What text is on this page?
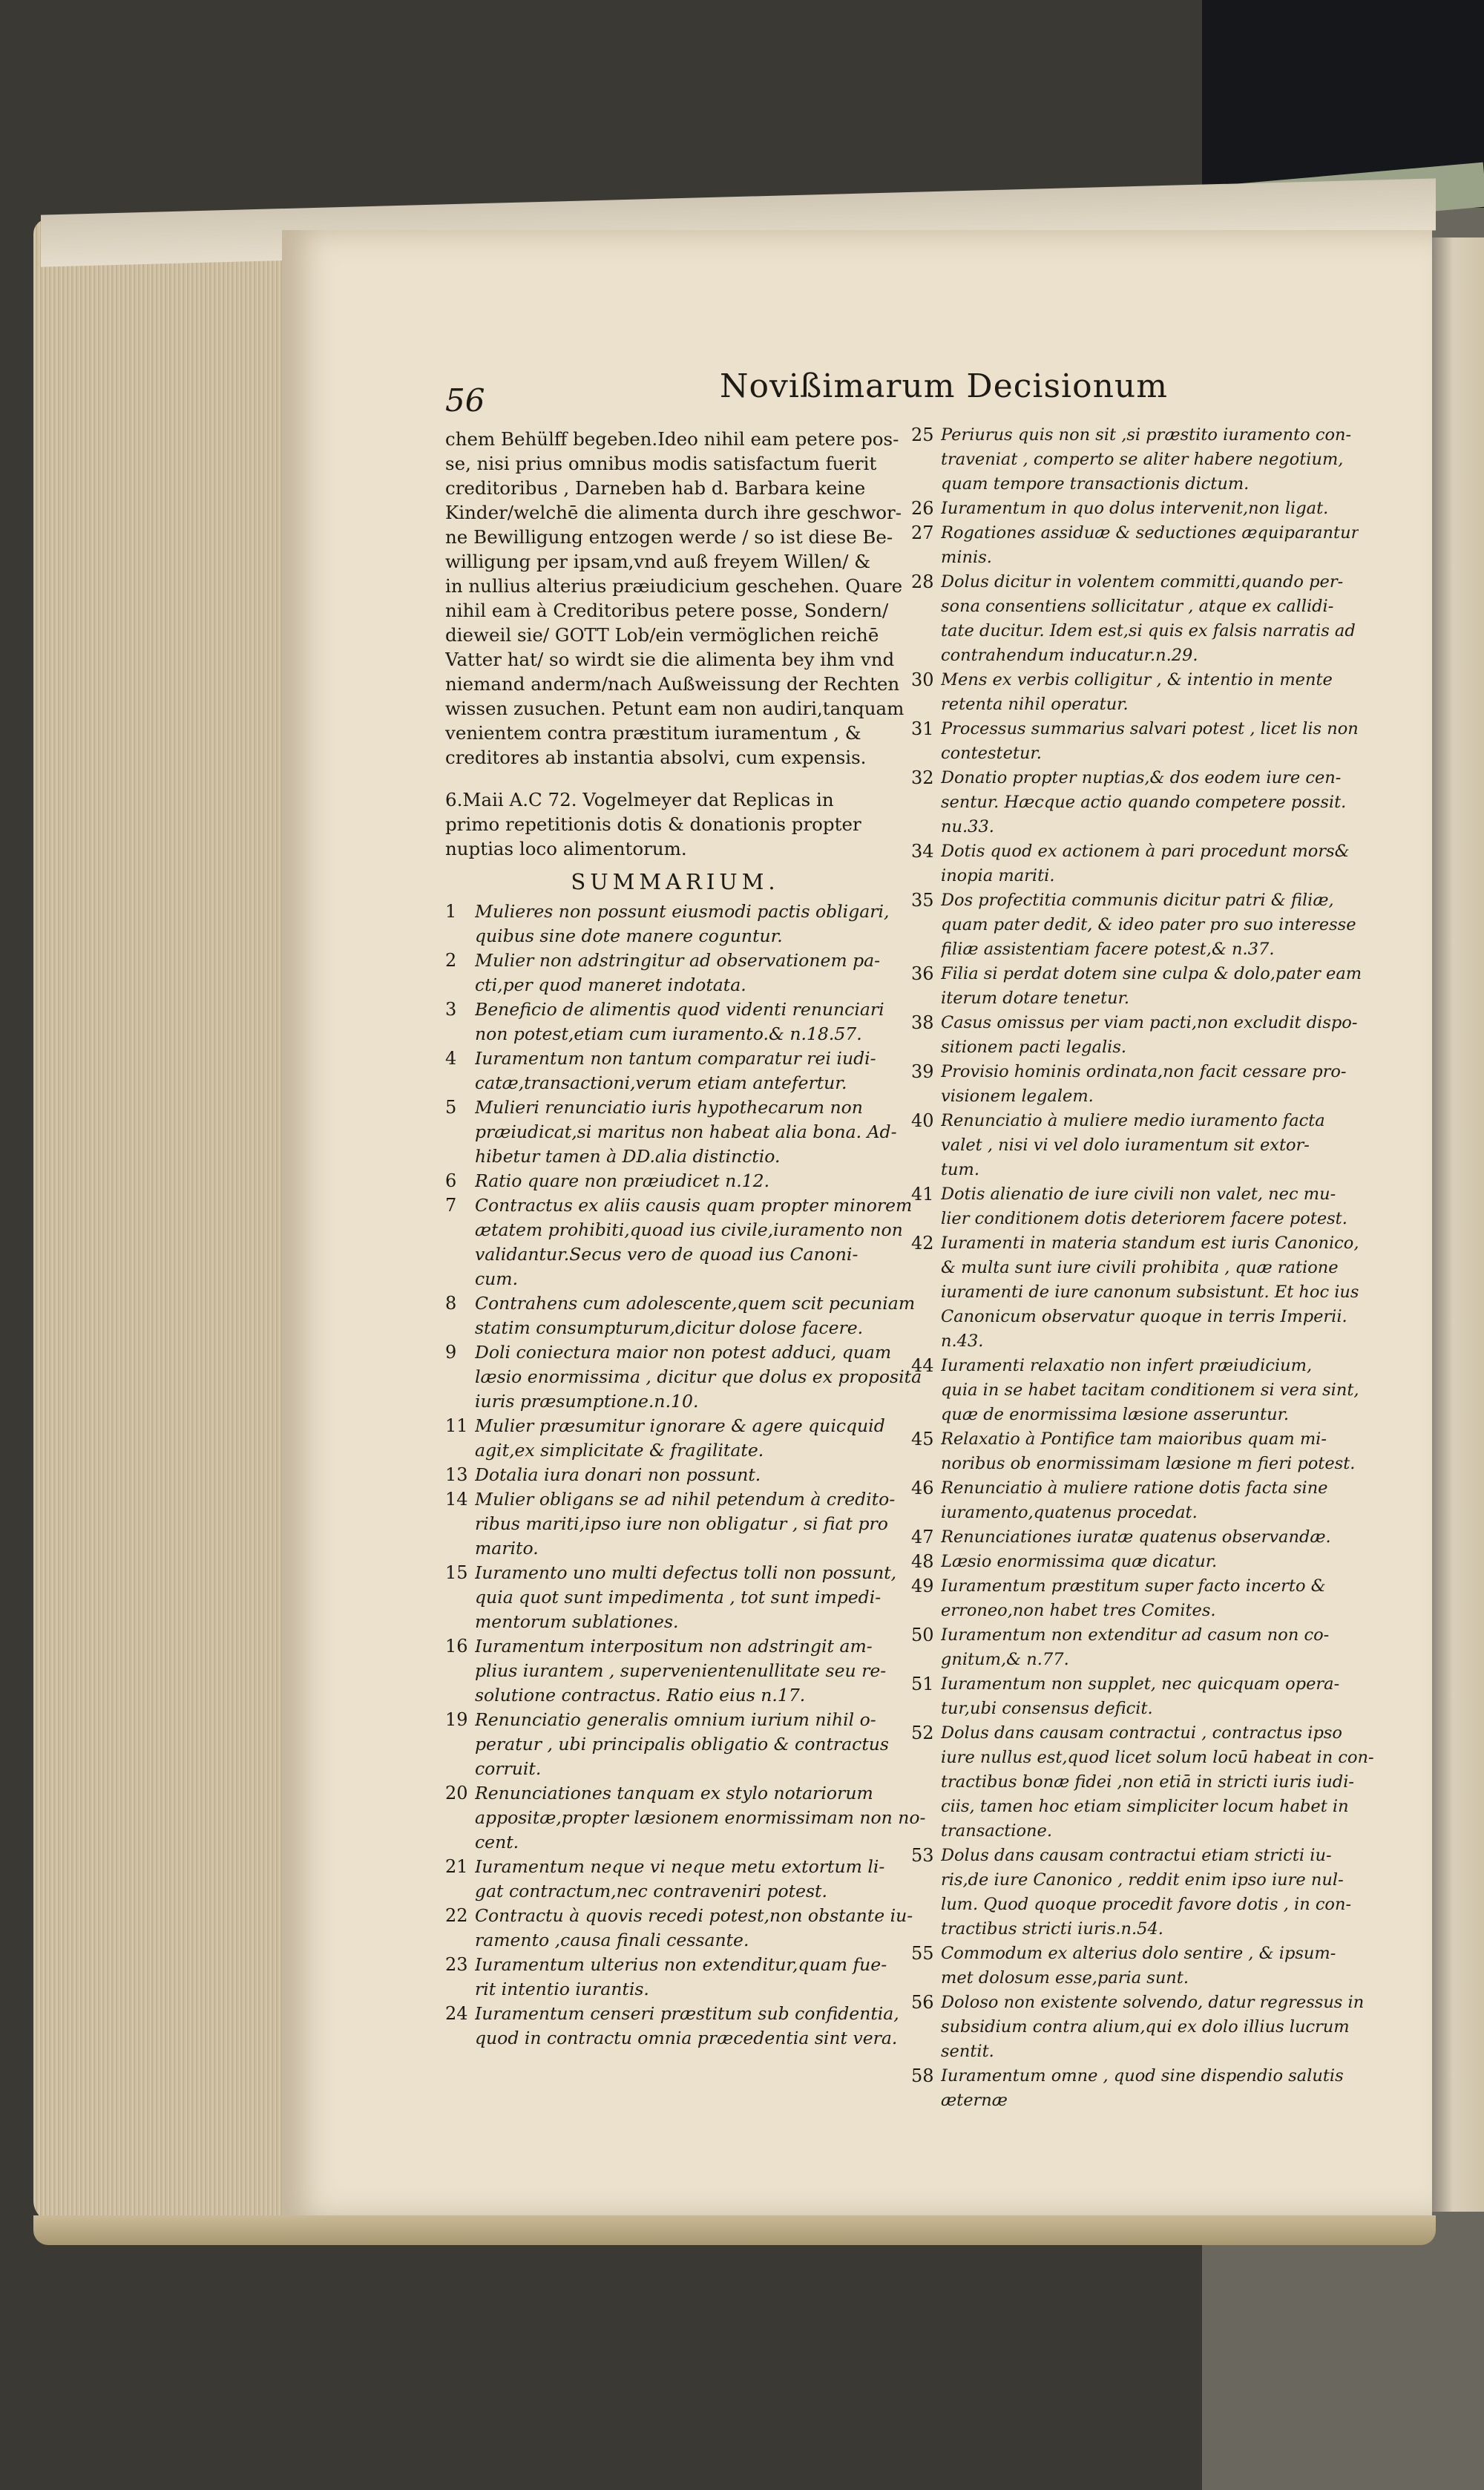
56	Novißimarum Decisionum
chem Behülff begeben.Ideo nihil eam petere pos-
se, nisi prius omnibus modis satisfactum fuerit
creditoribus , Darneben hab d. Barbara keine
Kinder/welchē die alimenta durch ihre geschwor-
ne Bewilligung entzogen werde / so ist diese Be-
willigung per ipsam,vnd auß freyem Willen/ &
in nullius alterius præiudicium geschehen. Quare
nihil eam à Creditoribus petere posse, Sondern/
dieweil sie/ GOTT Lob/ein vermöglichen reichē
Vatter hat/ so wirdt sie die alimenta bey ihm vnd
niemand anderm/nach Außweissung der Rechten
wissen zusuchen. Petunt eam non audiri,tanquam
venientem contra præstitum iuramentum , &
creditores ab instantia absolvi, cum expensis.
6.Maii A.C 72. Vogelmeyer dat Replicas in
primo repetitionis dotis & donationis propter
nuptias loco alimentorum.
SUMMARIUM.
1	Mulieres non possunt eiusmodi pactis obligari,
quibus sine dote manere coguntur.
2	Mulier non adstringitur ad observationem pa-
cti,per quod maneret indotata.
3	Beneficio de alimentis quod videnti renunciari
non potest,etiam cum iuramento.& n.18.57.
4	Iuramentum non tantum comparatur rei iudi-
catæ,transactioni,verum etiam antefertur.
5	Mulieri renunciatio iuris hypothecarum non
præiudicat,si maritus non habeat alia bona. Ad-
hibetur tamen à DD.alia distinctio.
6	Ratio quare non præiudicet n.12.
7	Contractus ex aliis causis quam propter minorem
ætatem prohibiti,quoad ius civile,iuramento non
validantur.Secus vero de quoad ius Canoni-
cum.
8	Contrahens cum adolescente,quem scit pecuniam
statim consumpturum,dicitur dolose facere.
9	Doli coniectura maior non potest adduci, quam
læsio enormissima , dicitur que dolus ex proposita
iuris præsumptione.n.10.
11 Mulier præsumitur ignorare & agere quicquid
agit,ex simplicitate & fragilitate.
13 Dotalia iura donari non possunt.
14 Mulier obligans se ad nihil petendum à credito-
ribus mariti,ipso iure non obligatur , si fiat pro
marito.
15 Iuramento uno multi defectus tolli non possunt,
quia quot sunt impedimenta , tot sunt impedi-
mentorum sublationes.
16 Iuramentum interpositum non adstringit am-
plius iurantem , supervenientenullitate seu re-
solutione contractus. Ratio eius n.17.
19 Renunciatio generalis omnium iurium nihil o-
peratur , ubi principalis obligatio & contractus
corruit.
20 Renunciationes tanquam ex stylo notariorum
appositæ,propter læsionem enormissimam non no-
cent.
21 Iuramentum neque vi neque metu extortum li-
gat contractum,nec contraveniri potest.
22 Contractu à quovis recedi potest,non obstante iu-
ramento ,causa finali cessante.
23 Iuramentum ulterius non extenditur,quam fue-
rit intentio iurantis.
24 Iuramentum censeri præstitum sub confidentia,
quod in contractu omnia præcedentia sint vera.
25 Periurus quis non sit ,si præstito iuramento con-
traveniat , comperto se aliter habere negotium,
quam tempore transactionis dictum.
26 Iuramentum in quo dolus intervenit,non ligat.
27 Rogationes assiduæ & seductiones æquiparantur
minis.
28 Dolus dicitur in volentem committi,quando per-
sona consentiens sollicitatur , atque ex callidi-
tate ducitur. Idem est,si quis ex falsis narratis ad
contrahendum inducatur.n.29.
30 Mens ex verbis colligitur , & intentio in mente
retenta nihil operatur.
31 Processus summarius salvari potest , licet lis non
contestetur.
32 Donatio propter nuptias,& dos eodem iure cen-
sentur. Hæcque actio quando competere possit.
nu.33.
34 Dotis quod ex actionem à pari procedunt mors&
inopia mariti.
35 Dos profectitia communis dicitur patri & filiæ,
quam pater dedit, & ideo pater pro suo interesse
filiæ assistentiam facere potest,& n.37.
36 Filia si perdat dotem sine culpa & dolo,pater eam
iterum dotare tenetur.
38 Casus omissus per viam pacti,non excludit dispo-
sitionem pacti legalis.
39 Provisio hominis ordinata,non facit cessare pro-
visionem legalem.
40 Renunciatio à muliere medio iuramento facta
valet , nisi vi vel dolo iuramentum sit extor-
tum.
41 Dotis alienatio de iure civili non valet, nec mu-
lier conditionem dotis deteriorem facere potest.
42 Iuramenti in materia standum est iuris Canonico,
& multa sunt iure civili prohibita , quæ ratione
iuramenti de iure canonum subsistunt. Et hoc ius
Canonicum observatur quoque in terris Imperii.
n.43.
44 Iuramenti relaxatio non infert præiudicium,
quia in se habet tacitam conditionem si vera sint,
quæ de enormissima læsione asseruntur.
45 Relaxatio à Pontifice tam maioribus quam mi-
noribus ob enormissimam læsione m fieri potest.
46 Renunciatio à muliere ratione dotis facta sine
iuramento,quatenus procedat.
47 Renunciationes iuratæ quatenus observandæ.
48 Læsio enormissima quæ dicatur.
49 Iuramentum præstitum super facto incerto &
erroneo,non habet tres Comites.
50 Iuramentum non extenditur ad casum non co-
gnitum,& n.77.
51 Iuramentum non supplet, nec quicquam opera-
tur,ubi consensus deficit.
52 Dolus dans causam contractui , contractus ipso
iure nullus est,quod licet solum locū habeat in con-
tractibus bonæ fidei ,non etiā in stricti iuris iudi-
ciis, tamen hoc etiam simpliciter locum habet in
transactione.
53 Dolus dans causam contractui etiam stricti iu-
ris,de iure Canonico , reddit enim ipso iure nul-
lum. Quod quoque procedit favore dotis , in con-
tractibus stricti iuris.n.54.
55 Commodum ex alterius dolo sentire , & ipsum-
met dolosum esse,paria sunt.
56 Doloso non existente solvendo, datur regressus in
subsidium contra alium,qui ex dolo illius lucrum
sentit.
58 Iuramentum omne , quod sine dispendio salutis
æternæ
